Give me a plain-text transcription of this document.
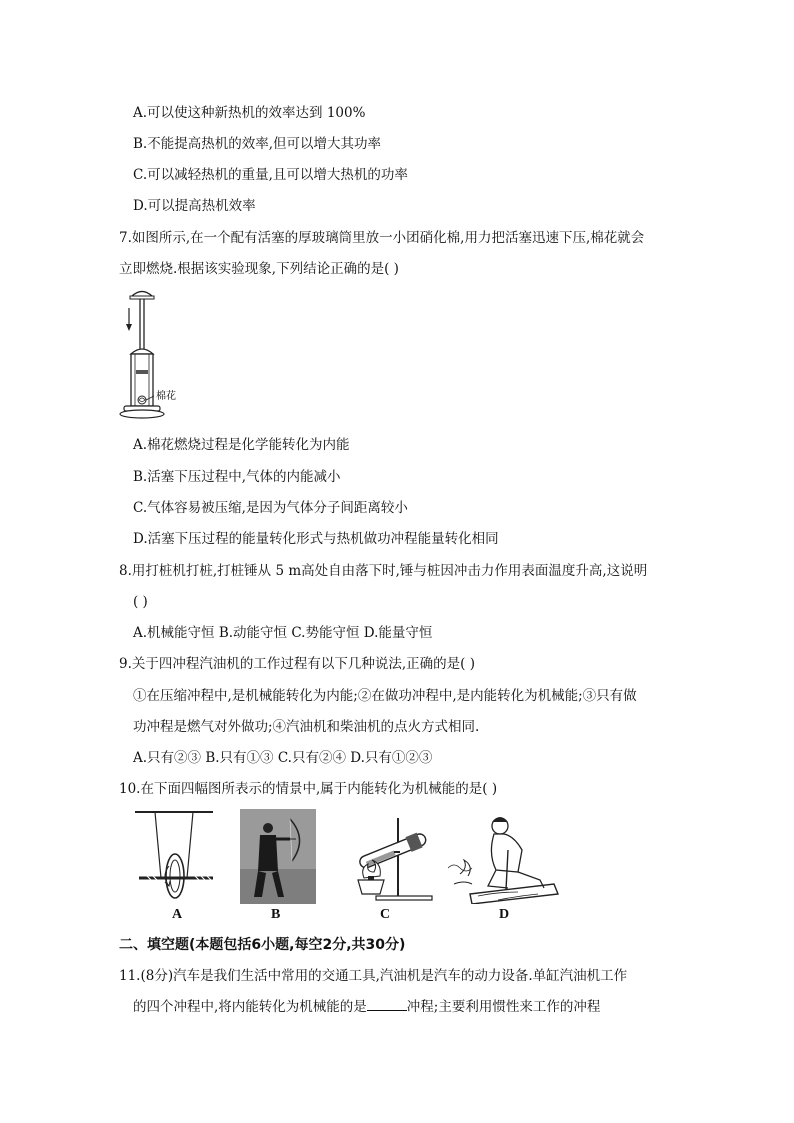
A.可以使这种新热机的效率达到 100%
B.不能提高热机的效率,但可以增大其功率
C.可以减轻热机的重量,且可以增大热机的功率
D.可以提高热机效率
7.如图所示,在一个配有活塞的厚玻璃筒里放一小团硝化棉,用力把活塞迅速下压,棉花就会
立即燃烧.根据该实验现象,下列结论正确的是( )
棉花
A.棉花燃烧过程是化学能转化为内能
B.活塞下压过程中,气体的内能减小
C.气体容易被压缩,是因为气体分子间距离较小
D.活塞下压过程的能量转化形式与热机做功冲程能量转化相同
8.用打桩机打桩,打桩锤从 5 m高处自由落下时,锤与桩因冲击力作用表面温度升高,这说明
( )
A.机械能守恒 B.动能守恒 C.势能守恒 D.能量守恒
9.关于四冲程汽油机的工作过程有以下几种说法,正确的是( )
①在压缩冲程中,是机械能转化为内能;②在做功冲程中,是内能转化为机械能;③只有做
功冲程是燃气对外做功;④汽油机和柴油机的点火方式相同.
A.只有②③ B.只有①③ C.只有②④ D.只有①②③
10.在下面四幅图所表示的情景中,属于内能转化为机械能的是( )
A	B	C	D
二、填空题(本题包括6小题,每空2分,共30分)
11.(8分)汽车是我们生活中常用的交通工具,汽油机是汽车的动力设备.单缸汽油机工作
的四个冲程中,将内能转化为机械能的是	冲程;主要利用惯性来工作的冲程
